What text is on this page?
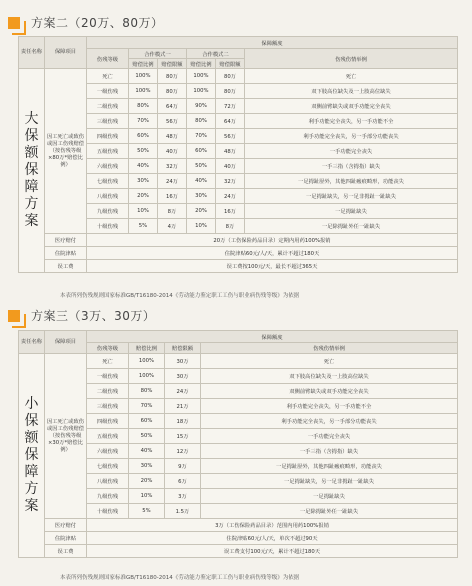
方案二（20万、80万）
责任名称	保障项目	保障额度					
		伤残等级	合作模式一		合作模式二		伤残伤情举例
			赔偿比例	赔偿限额	赔偿比例	赔偿限额	
大保额保障方案	因工死亡或致伤或因工伤残赔偿（按伤残等级×80万*赔偿比例）	死亡	100%	80万	100%	80万	死亡
		一级伤残	100%	80万	100%	80万	双下肢高位缺失及一上肢高位缺失
		二级伤残	80%	64万	90%	72万	双侧前臂缺失或双手功能完全丧失
		三级伤残	70%	56万	80%	64万	利手功能完全丧失，另一手功能不全
		四级伤残	60%	48万	70%	56万	利手功能完全丧失，另一手部分功能丧失
		五级伤残	50%	40万	60%	48万	一手功能完全丧失
		六级伤残	40%	32万	50%	40万	一手三指（含拇指）缺失
		七级伤残	30%	24万	40%	32万	一足拇趾胫外，其他四趾瘢痕畸形，功能丧失
		八级伤残	20%	16万	30%	24万	一足拇趾缺失，另一足非拇趾一趾缺失
		九级伤残	10%	8万	20%	16万	一足拇趾缺失
		十级伤残	5%	4万	10%	8万	一足除拇趾外任一趾缺失
	医疗赔付	20万（工伤保险药品目录）定期内用药100%报销					
	住院津贴	住院津贴60元/人/天，累计不超过180天					
	误工费	误工费按100元/天，最长不超过365天					
本表所列伤残规则国家标准GB/T16180-2014《劳动能力鉴定职工工伤与职业病伤残等级》为依据
方案三（3万、30万）
责任名称	保障项目	保障额度			
		伤残等级	赔偿比例	赔偿限额	伤残伤情举例
小保额保障方案	因工死亡或致伤或因工伤残赔偿（按伤残等级×30万*赔偿比例）	死亡	100%	30万	死亡
		一级伤残	100%	30万	双下肢高位缺失及一上肢高位缺失
		二级伤残	80%	24万	双侧前臂缺失或双手功能完全丧失
		三级伤残	70%	21万	利手功能完全丧失，另一手功能不全
		四级伤残	60%	18万	利手功能完全丧失，另一手部分功能丧失
		五级伤残	50%	15万	一手功能完全丧失
		六级伤残	40%	12万	一手三指（含拇指）缺失
		七级伤残	30%	9万	一足拇趾胫外，其他四趾瘢痕畸形，功能丧失
		八级伤残	20%	6万	一足拇趾缺失，另一足非拇趾一趾缺失
		九级伤残	10%	3万	一足拇趾缺失
		十级伤残	5%	1.5万	一足除拇趾外任一趾缺失
	医疗赔付	3万（工伤保险药品目录）范围内用药100%报销			
	住院津贴	住院津贴60元/人/天，单次不超过90天			
	误工费	误工费支付100元/天，累计不超过180天			
本表所列伤残规则国家标准GB/T16180-2014《劳动能力鉴定职工工伤与职业病伤残等级》为依据
